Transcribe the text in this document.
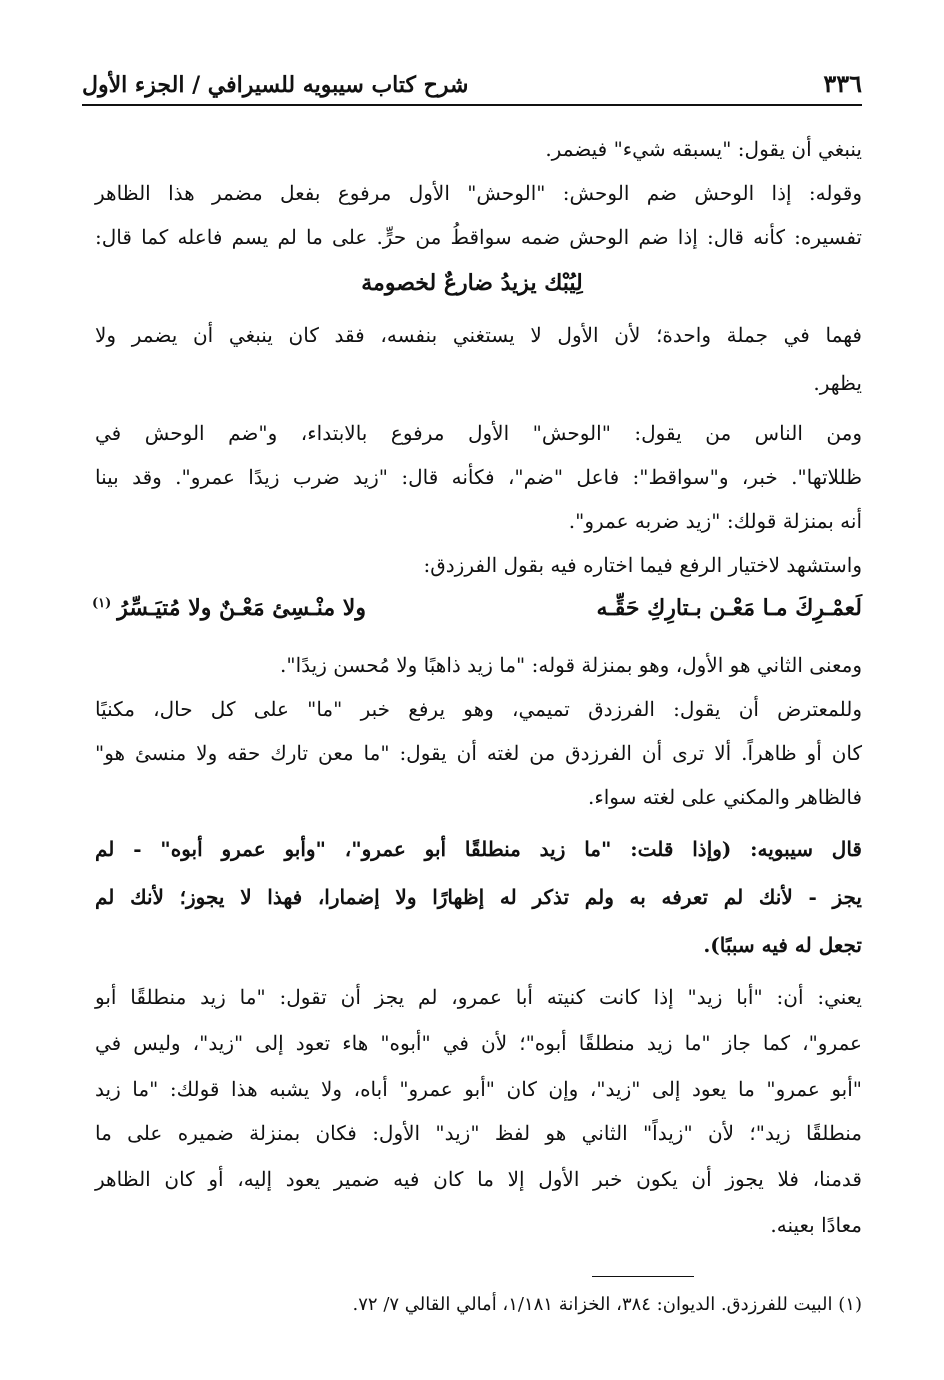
٣٣٦
شرح كتاب سيبويه للسيرافي / الجزء الأول
ينبغي أن يقول: "يسبقه شيء" فيضمر.
وقوله: إذا الوحش ضم الوحش: "الوحش" الأول مرفوع بفعل مضمر هذا الظاهر
تفسيره: كأنه قال: إذا ضم الوحش ضمه سواقطُ من حرٍّ. على ما لم يسم فاعله كما قال:
لِيُبْك يزيدُ ضارعٌ لخصومة
فهما في جملة واحدة؛ لأن الأول لا يستغني بنفسه، فقد كان ينبغي أن يضمر ولا
يظهر.
ومن الناس من يقول: "الوحش" الأول مرفوع بالابتداء، و"ضم الوحش في
ظللاتها". خبر، و"سواقط": فاعل "ضم"، فكأنه قال: "زيد ضرب زيدًا عمرو". وقد بينا
أنه بمنزلة قولك: "زيد ضربه عمرو".
واستشهد لاختيار الرفع فيما اختاره فيه بقول الفرزدق:
لَعمْـرِكَ مـا مَعْـن بـتارِكِ حَقِّـه
ولا منْـسِئ مَعْـنٌ ولا مُتيَـسِّرُ$^{(١)}$
ومعنى الثاني هو الأول، وهو بمنزلة قوله: "ما زيد ذاهبًا ولا مُحسن زيدًا".
وللمعترض أن يقول: الفرزدق تميمي، وهو يرفع خبر "ما" على كل حال، مكنيًا
كان أو ظاهراً. ألا ترى أن الفرزدق من لغته أن يقول: "ما معن تارك حقه ولا منسئ هو"
فالظاهر والمكني على لغته سواء.
قال سيبويه: (وإذا قلت: "ما زيد منطلقًا أبو عمرو"، "وأبو عمرو أبوه" - لم
يجز - لأنك لم تعرفه به ولم تذكر له إظهارًا ولا إضمارا، فهذا لا يجوز؛ لأنك لم
تجعل له فيه سببًا).
يعني: أن: "أبا زيد" إذا كانت كنيته أبا عمرو، لم يجز أن تقول: "ما زيد منطلقًا أبو
عمرو"، كما جاز "ما زيد منطلقًا أبوه"؛ لأن في "أبوه" هاء تعود إلى "زيد"، وليس في
"أبو عمرو" ما يعود إلى "زيد"، وإن كان "أبو عمرو" أباه، ولا يشبه هذا قولك: "ما زيد
منطلقًا زيد"؛ لأن "زيداً" الثاني هو لفظ "زيد" الأول: فكان بمنزلة ضميره على ما
قدمنا، فلا يجوز أن يكون خبر الأول إلا ما كان فيه ضمير يعود إليه، أو كان الظاهر
معادًا بعينه.
(١) البيت للفرزدق. الديوان: ٣٨٤، الخزانة ١/١٨١، أمالي القالي ٧/ ٧٢.
